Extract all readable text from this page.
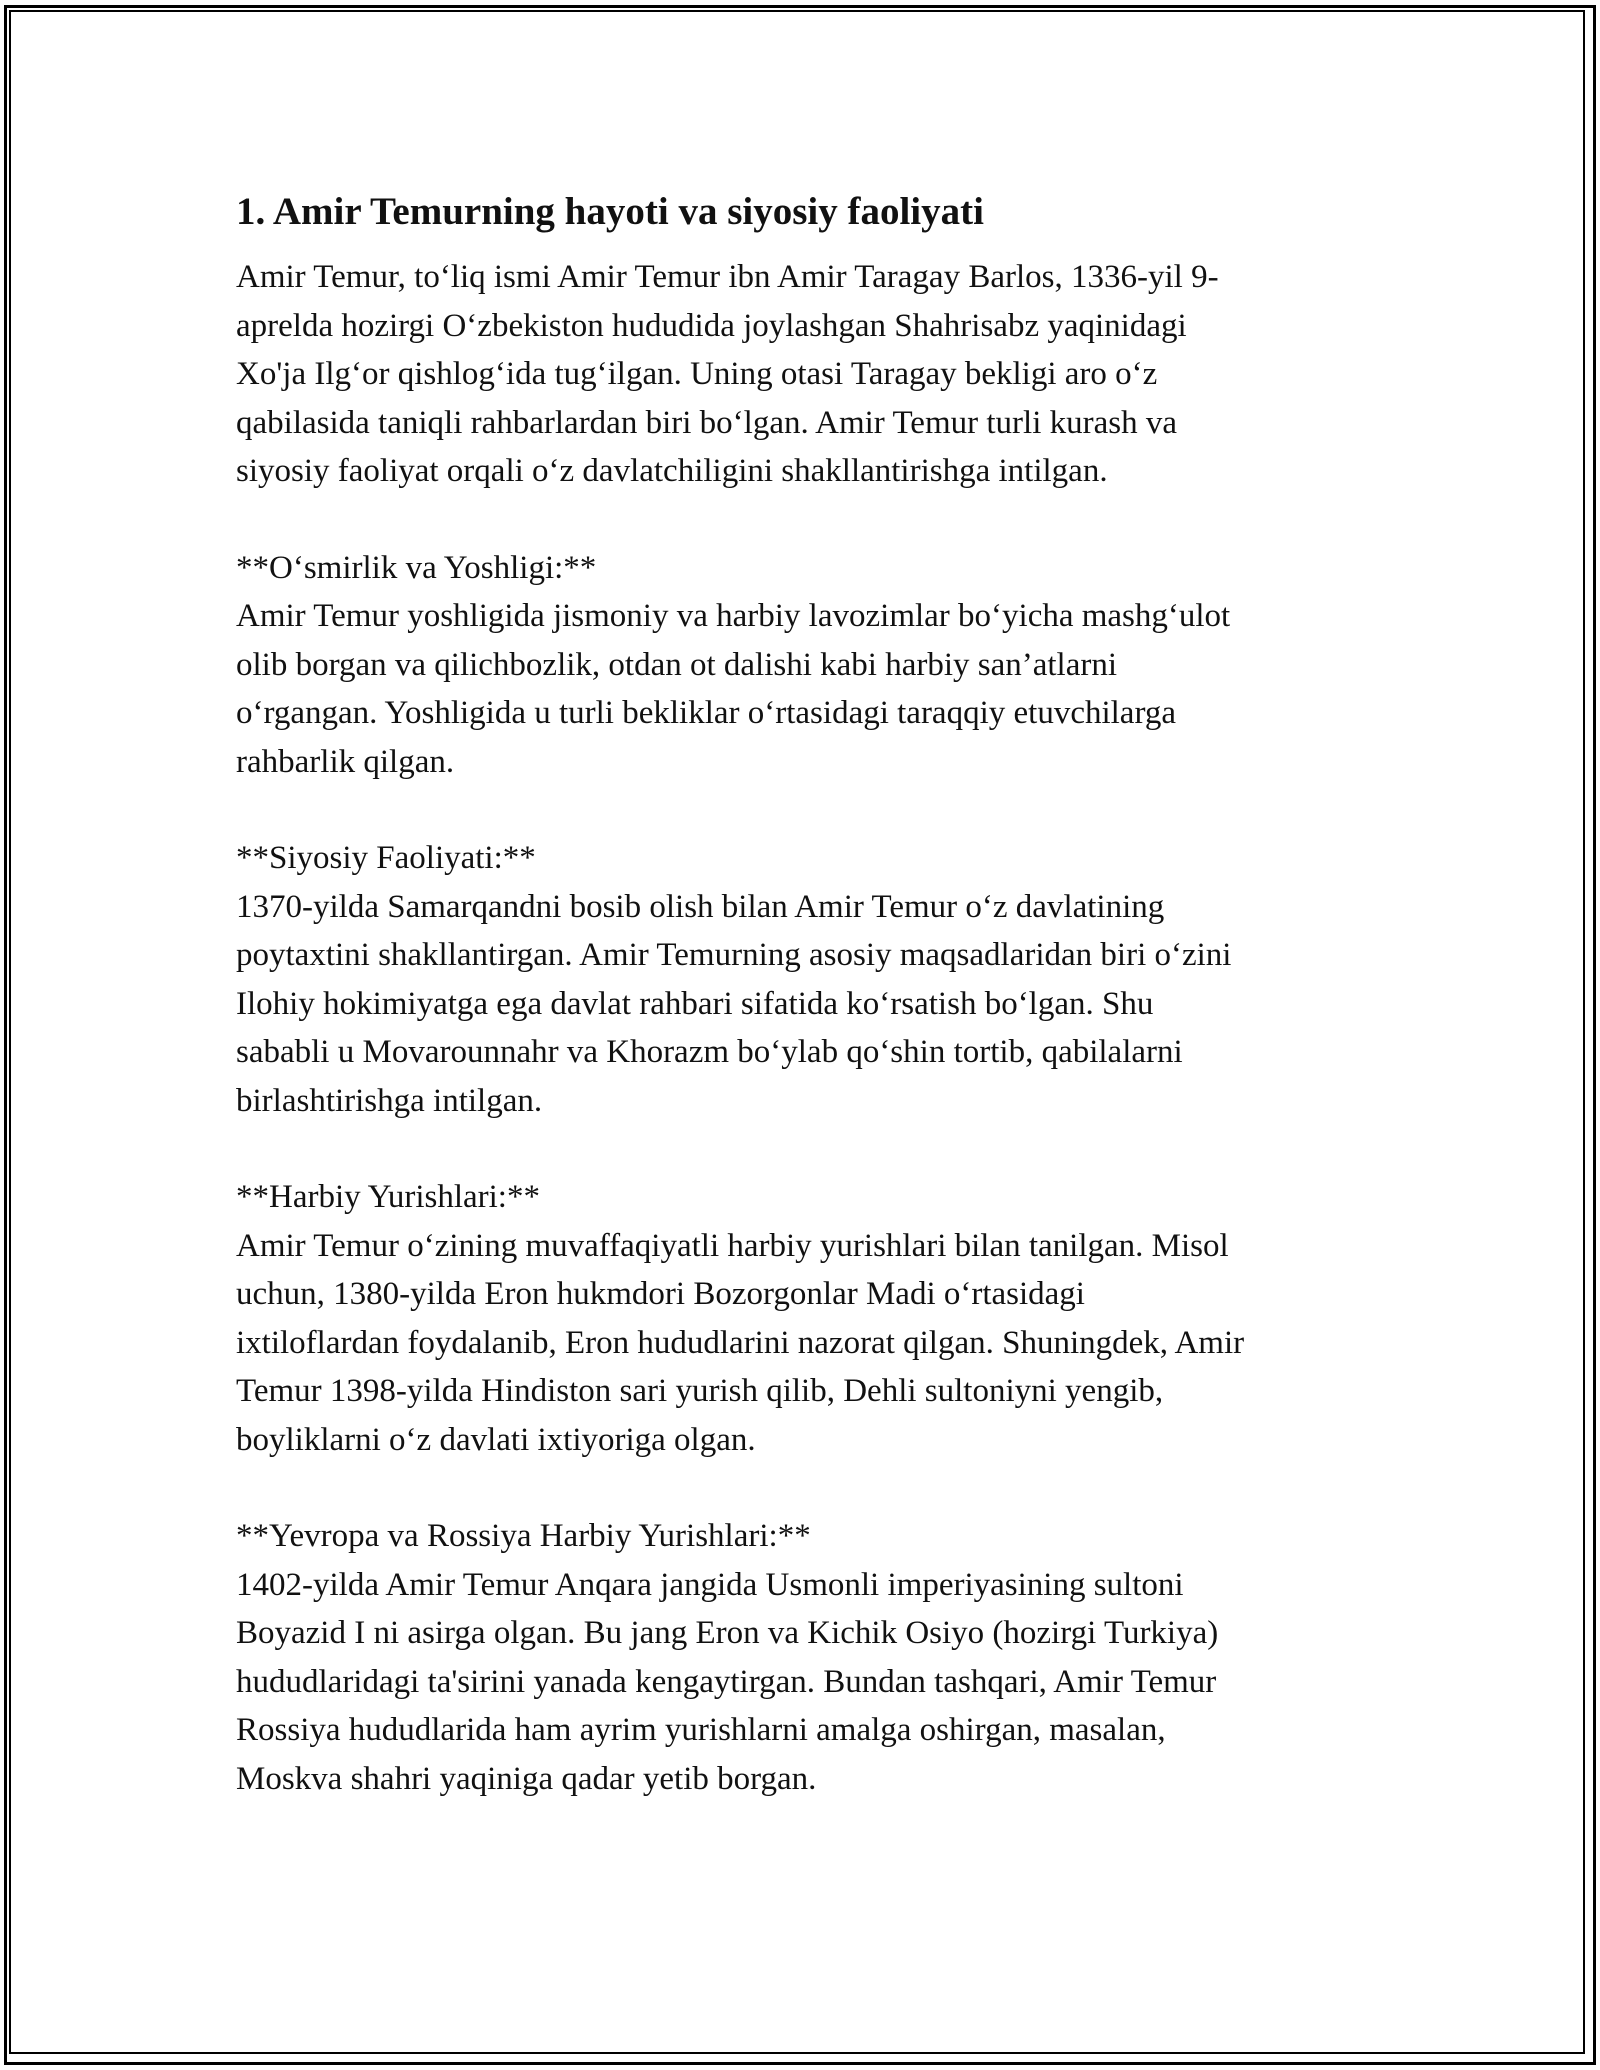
1. Amir Temurning hayoti va siyosiy faoliyati

Amir Temur, to‘liq ismi Amir Temur ibn Amir Taragay Barlos, 1336-yil 9-
aprelda hozirgi O‘zbekiston hududida joylashgan Shahrisabz yaqinidagi
Xo'ja Ilg‘or qishlog‘ida tug‘ilgan. Uning otasi Taragay bekligi aro o‘z
qabilasida taniqli rahbarlardan biri bo‘lgan. Amir Temur turli kurash va
siyosiy faoliyat orqali o‘z davlatchiligini shakllantirishga intilgan.

**O‘smirlik va Yoshligi:**

Amir Temur yoshligida jismoniy va harbiy lavozimlar bo‘yicha mashg‘ulot
olib borgan va qilichbozlik, otdan ot dalishi kabi harbiy san’atlarni
o‘rgangan. Yoshligida u turli bekliklar o‘rtasidagi taraqqiy etuvchilarga
rahbarlik qilgan.

**Siyosiy Faoliyati:**

1370-yilda Samarqandni bosib olish bilan Amir Temur o‘z davlatining
poytaxtini shakllantirgan. Amir Temurning asosiy maqsadlaridan biri o‘zini
Ilohiy hokimiyatga ega davlat rahbari sifatida ko‘rsatish bo‘lgan. Shu
sababli u Movarounnahr va Khorazm bo‘ylab qo‘shin tortib, qabilalarni
birlashtirishga intilgan.

**Harbiy Yurishlari:**

Amir Temur o‘zining muvaffaqiyatli harbiy yurishlari bilan tanilgan. Misol
uchun, 1380-yilda Eron hukmdori Bozorgonlar Madi o‘rtasidagi
ixtiloflardan foydalanib, Eron hududlarini nazorat qilgan. Shuningdek, Amir
Temur 1398-yilda Hindiston sari yurish qilib, Dehli sultoniyni yengib,
boyliklarni o‘z davlati ixtiyoriga olgan.

**Yevropa va Rossiya Harbiy Yurishlari:**

1402-yilda Amir Temur Anqara jangida Usmonli imperiyasining sultoni
Boyazid I ni asirga olgan. Bu jang Eron va Kichik Osiyo (hozirgi Turkiya)
hududlaridagi ta'sirini yanada kengaytirgan. Bundan tashqari, Amir Temur
Rossiya hududlarida ham ayrim yurishlarni amalga oshirgan, masalan,
Moskva shahri yaqiniga qadar yetib borgan.
